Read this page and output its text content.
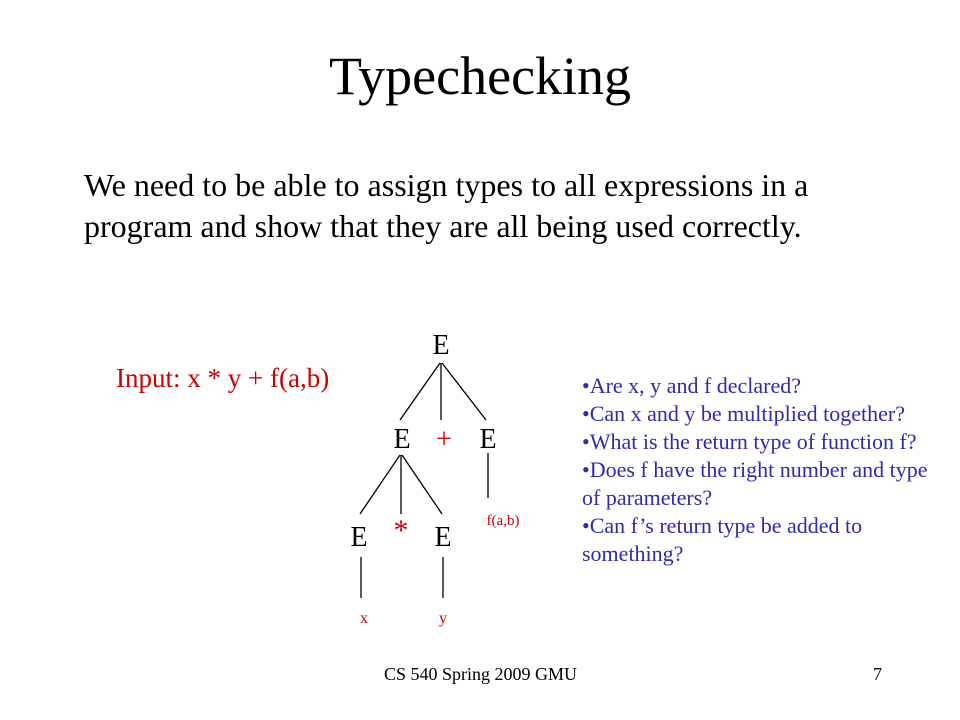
Typechecking
We need to be able to assign types to all expressions in a program and show that they are all being used correctly.
Input: x * y + f(a,b)
E
E + E
f(a,b)
E * E
x	y
•Are x, y and f declared?
•Can x and y be multiplied together?
•What is the return type of function f?
•Does f have the right number and type of parameters?
•Can f’s return type be added to something?
CS 540 Spring 2009 GMU	7
